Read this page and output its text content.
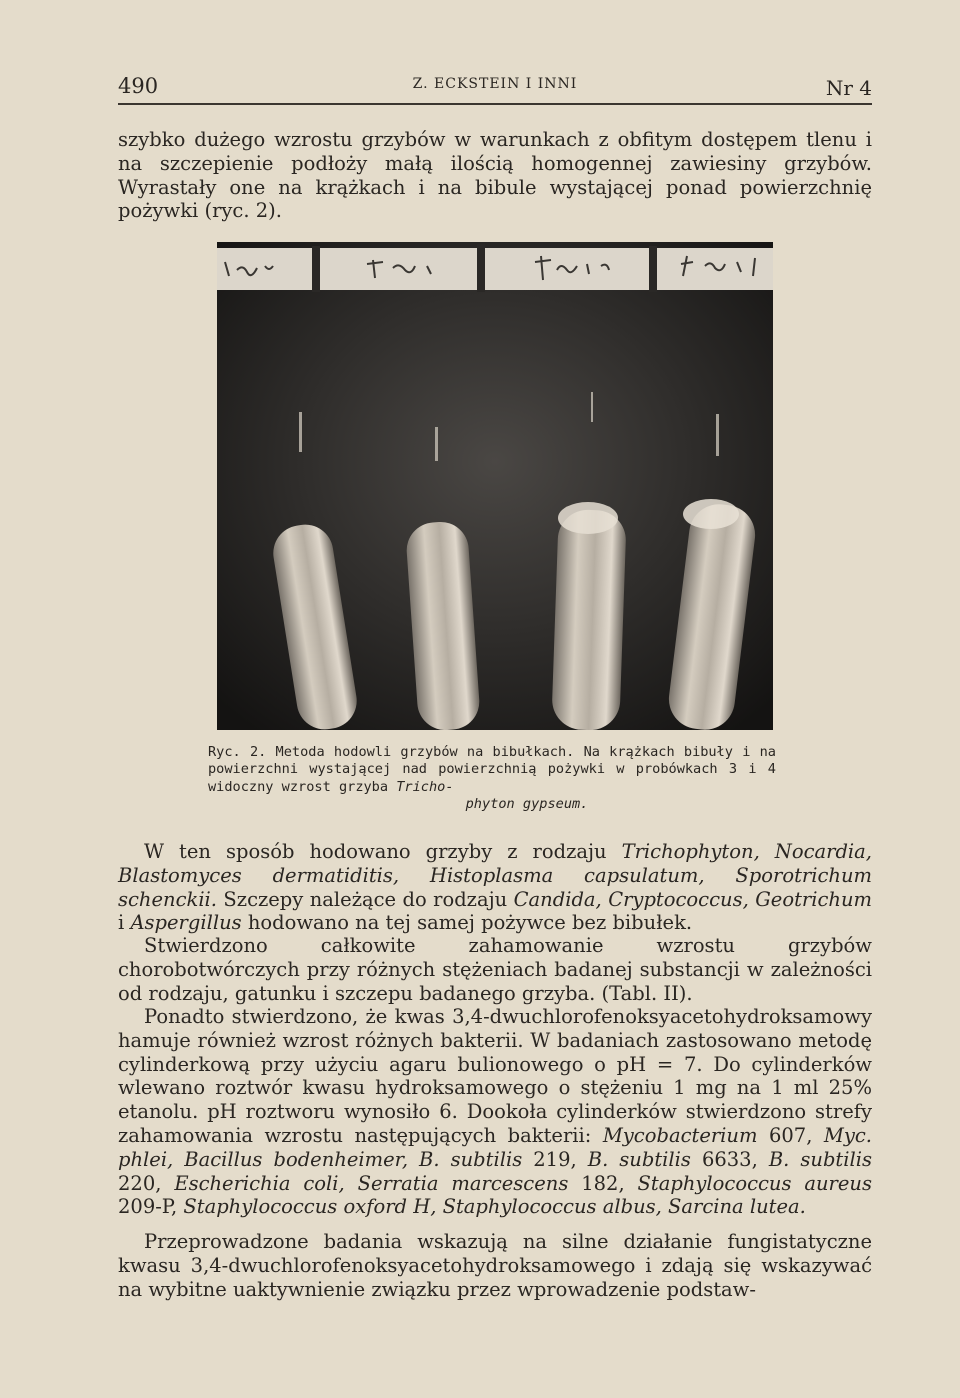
490	Z. ECKSTEIN I INNI	Nr 4

szybko dużego wzrostu grzybów w warunkach z obfitym dostępem tlenu i na szczepienie podłoży małą ilością homogennej zawiesiny grzybów. Wyrastały one na krążkach i na bibule wystającej ponad powierzchnię pożywki (ryc. 2).

Ryc. 2. Metoda hodowli grzybów na bibułkach. Na krążkach bibuły i na powierzchni wystającej nad powierzchnią pożywki w probówkach 3 i 4 widoczny wzrost grzyba Tricho-
phyton gypseum.

W ten sposób hodowano grzyby z rodzaju Trichophyton, Nocardia, Blastomyces dermatiditis, Histoplasma capsulatum, Sporotrichum schenckii. Szczepy należące do rodzaju Candida, Cryptococcus, Geotrichum i Aspergillus hodowano na tej samej pożywce bez bibułek.

Stwierdzono całkowite zahamowanie wzrostu grzybów chorobotwórczych przy różnych stężeniach badanej substancji w zależności od rodzaju, gatunku i szczepu badanego grzyba. (Tabl. II).

Ponadto stwierdzono, że kwas 3,4-dwuchlorofenoksyacetohydroksamowy hamuje również wzrost różnych bakterii. W badaniach zastosowano metodę cylinderkową przy użyciu agaru bulionowego o pH = 7. Do cylinderków wlewano roztwór kwasu hydroksamowego o stężeniu 1 mg na 1 ml 25% etanolu. pH roztworu wynosiło 6. Dookoła cylinderków stwierdzono strefy zahamowania wzrostu następujących bakterii: Mycobacterium 607, Myc. phlei, Bacillus bodenheimer, B. subtilis 219, B. subtilis 6633, B. subtilis 220, Escherichia coli, Serratia marcescens 182, Staphylococcus aureus 209-P, Staphylococcus oxford H, Staphylococcus albus, Sarcina lutea.

Przeprowadzone badania wskazują na silne działanie fungistatyczne kwasu 3,4-dwuchlorofenoksyacetohydroksamowego i zdają się wskazywać na wybitne uaktywnienie związku przez wprowadzenie podstaw-
